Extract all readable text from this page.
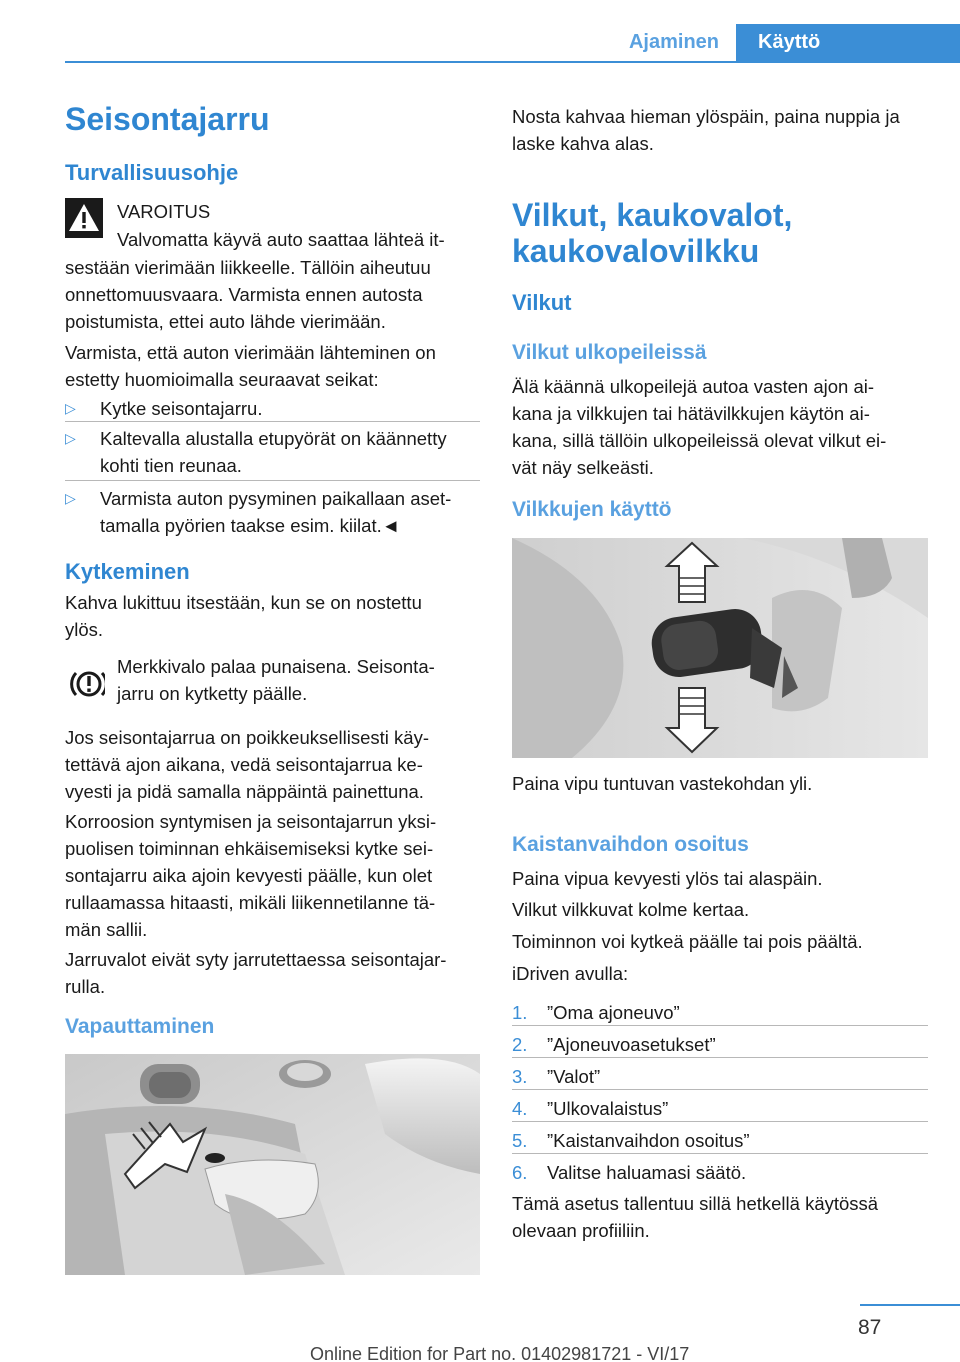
Ajaminen	Käyttö
Seisontajarru
Turvallisuusohje
VAROITUS
Valvomatta käyvä auto saattaa lähteä it-
sestään vierimään liikkeelle. Tällöin aiheutuu
onnettomuusvaara. Varmista ennen autosta
poistumista, ettei auto lähde vierimään.
Varmista, että auton vierimään lähteminen on
estetty huomioimalla seuraavat seikat:
▷ Kytke seisontajarru.
▷ Kaltevalla alustalla etupyörät on käännetty
kohti tien reunaa.
▷ Varmista auton pysyminen paikallaan aset-
tamalla pyörien taakse esim. kiilat.◄
Kytkeminen
Kahva lukittuu itsestään, kun se on nostettu
ylös.
Merkkivalo palaa punaisena. Seisonta-
jarru on kytketty päälle.
Jos seisontajarrua on poikkeuksellisesti käy-
tettävä ajon aikana, vedä seisontajarrua ke-
vyesti ja pidä samalla näppäintä painettuna.
Korroosion syntymisen ja seisontajarrun yksi-
puolisen toiminnan ehkäisemiseksi kytke sei-
sontajarru aika ajoin kevyesti päälle, kun olet
rullaamassa hitaasti, mikäli liikennetilanne tä-
män sallii.
Jarruvalot eivät syty jarrutettaessa seisontajar-
rulla.
Vapauttaminen
Nosta kahvaa hieman ylöspäin, paina nuppia ja
laske kahva alas.
Vilkut, kaukovalot,
kaukovalovilkku
Vilkut
Vilkut ulkopeileissä
Älä käännä ulkopeilejä autoa vasten ajon ai-
kana ja vilkkujen tai hätävilkkujen käytön ai-
kana, sillä tällöin ulkopeileissä olevat vilkut ei-
vät näy selkeästi.
Vilkkujen käyttö
Paina vipu tuntuvan vastekohdan yli.
Kaistanvaihdon osoitus
Paina vipua kevyesti ylös tai alaspäin.
Vilkut vilkkuvat kolme kertaa.
Toiminnon voi kytkeä päälle tai pois päältä.
iDriven avulla:
1. ”Oma ajoneuvo”
2. ”Ajoneuvoasetukset”
3. ”Valot”
4. ”Ulkovalaistus”
5. ”Kaistanvaihdon osoitus”
6. Valitse haluamasi säätö.
Tämä asetus tallentuu sillä hetkellä käytössä
olevaan profiiliin.
87
Online Edition for Part no. 01402981721 - VI/17
